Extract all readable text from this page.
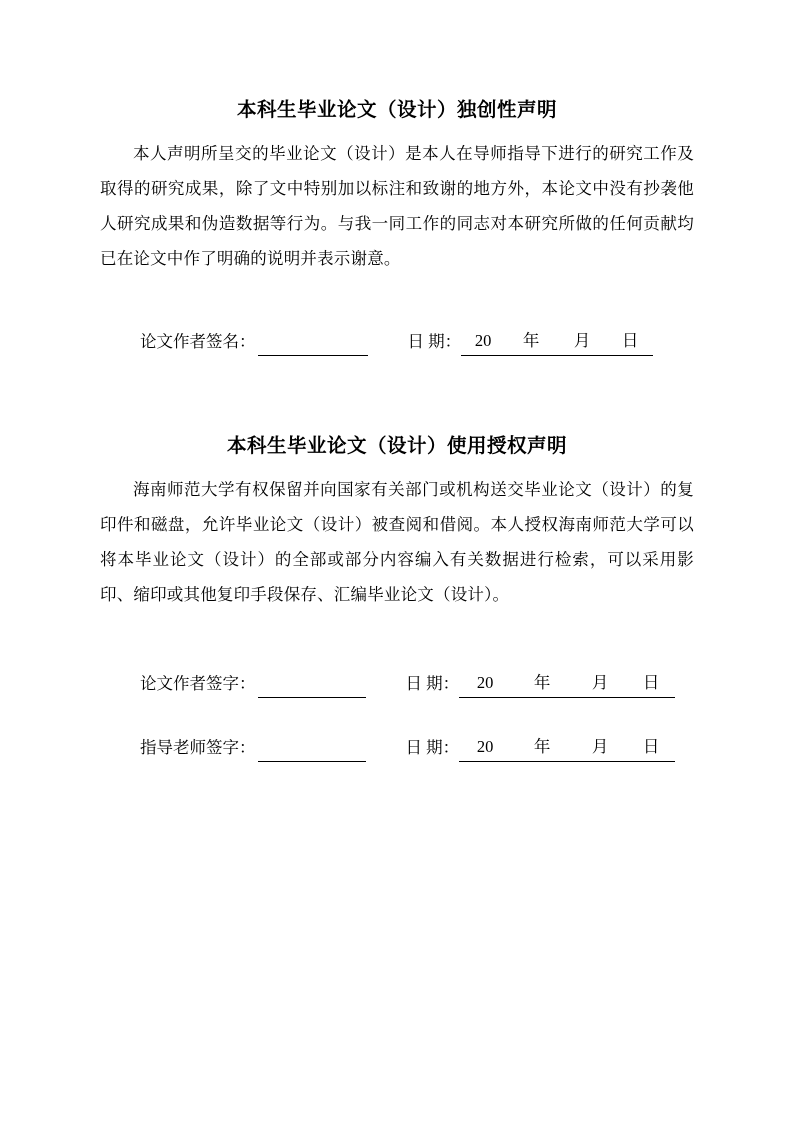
本科生毕业论文（设计）独创性声明

本人声明所呈交的毕业论文（设计）是本人在导师指导下进行的研究工作及取得的研究成果，除了文中特别加以标注和致谢的地方外，本论文中没有抄袭他人研究成果和伪造数据等行为。与我一同工作的同志对本研究所做的任何贡献均已在论文中作了明确的说明并表示谢意。

论文作者签名：	日 期： 20	年	月	日
本科生毕业论文（设计）使用授权声明

海南师范大学有权保留并向国家有关部门或机构送交毕业论文（设计）的复印件和磁盘，允许毕业论文（设计）被查阅和借阅。本人授权海南师范大学可以将本毕业论文（设计）的全部或部分内容编入有关数据进行检索，可以采用影印、缩印或其他复印手段保存、汇编毕业论文（设计）。

论文作者签字：	日 期：	20	年	月	日
指导老师签字：	日 期：	20	年	月	日
